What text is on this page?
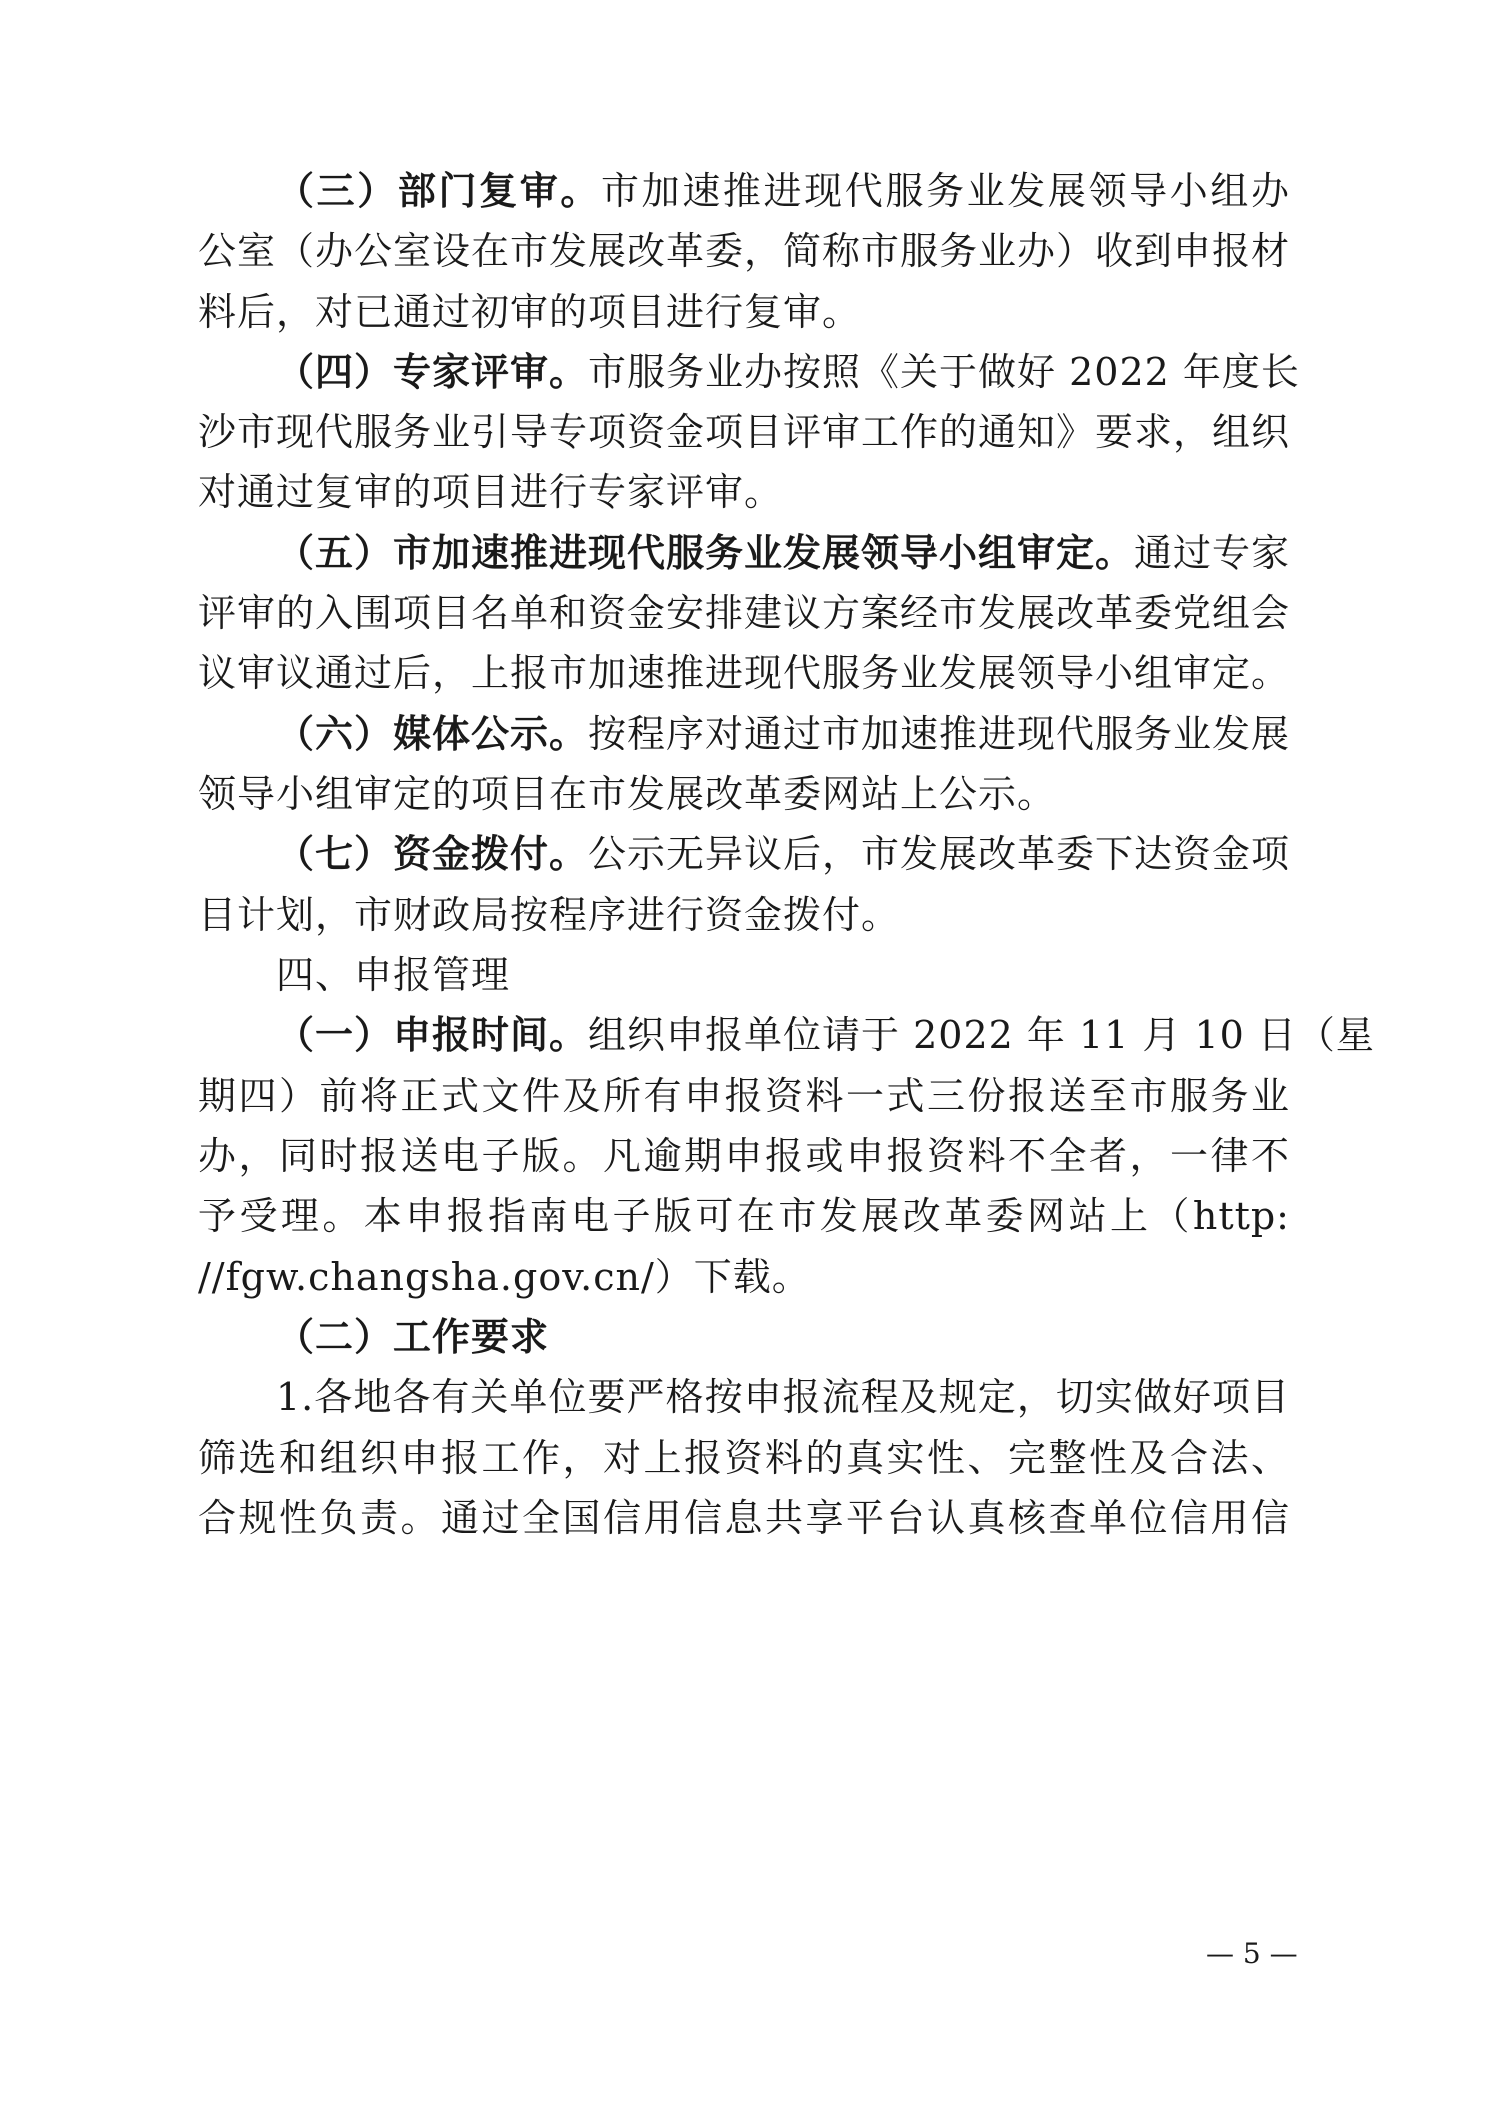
（三）部门复审。市加速推进现代服务业发展领导小组办
公室（办公室设在市发展改革委，简称市服务业办）收到申报材
料后，对已通过初审的项目进行复审。
（四）专家评审。市服务业办按照《关于做好 2022 年度长
沙市现代服务业引导专项资金项目评审工作的通知》要求，组织
对通过复审的项目进行专家评审。
（五）市加速推进现代服务业发展领导小组审定。通过专家
评审的入围项目名单和资金安排建议方案经市发展改革委党组会
议审议通过后，上报市加速推进现代服务业发展领导小组审定。
（六）媒体公示。按程序对通过市加速推进现代服务业发展
领导小组审定的项目在市发展改革委网站上公示。
（七）资金拨付。公示无异议后，市发展改革委下达资金项
目计划，市财政局按程序进行资金拨付。
四、申报管理
（一）申报时间。组织申报单位请于 2022 年 11 月 10 日（星
期四）前将正式文件及所有申报资料一式三份报送至市服务业
办，同时报送电子版。凡逾期申报或申报资料不全者，一律不
予受理。本申报指南电子版可在市发展改革委网站上（http:
//fgw.changsha.gov.cn/）下载。
（二）工作要求
1.各地各有关单位要严格按申报流程及规定，切实做好项目
筛选和组织申报工作，对上报资料的真实性、完整性及合法、
合规性负责。通过全国信用信息共享平台认真核查单位信用信
— 5 —
